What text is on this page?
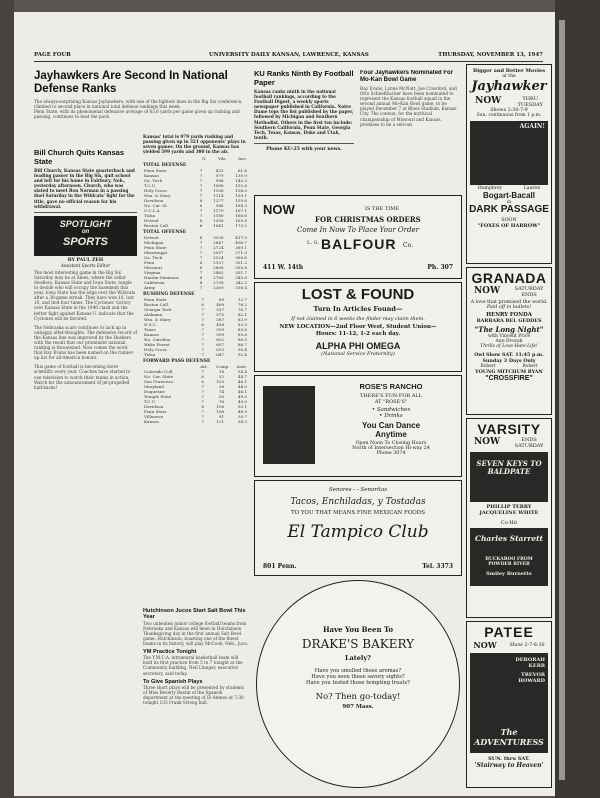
PAGE FOUR	UNIVERSITY DAILY KANSAN, LAWRENCE, KANSAS	THURSDAY, NOVEMBER 13, 1947
Jayhawkers Are Second In National Defense Ranks
The always-surprising Kansas Jayhawkers, with one of the lightest lines in the Big Six conference, climbed to second place in national total defense rankings this week.
Penn State, with its phenomenal defensive average of 63.6 yards per game given up rushing and passing, continues to lead the pack.
Bill Church Quits Kansas State
Bill Church, Kansas State quarterback and leading passer in the Big Six, quit school and left for his home in Fairbury, Neb., yesterday afternoon. Church, who was slated to meet Ron Norman in a passing duel Saturday in the Wildcats' fight for the title, gave no official reason for his withdrawal.
SPOTLIGHT
on
SPORTS
BY PAUL ZEH
Assistant Sports Editor
The most interesting game in the Big Six Saturday may be at Ames, where the cellar dwellers, Kansas State and Iowa State, tangle to decide who will occupy the basement this year. Iowa State has the edge over the Wildcats after a 30-game streak. They have won 16, lost 10, and tied four times. The Cyclones' victory over Kansas State in the 1946 clash and the better fight against Kansas U. indicate that the Cyclones will be favored.
The Nebraska scare continues to lack up in unhappy after-thoughts. The defensive record of the Kansas line was improved by the Huskers with the result that our prominent national ranking is threatened. Now comes the word that Ray Evans has been named on the runner-up list for all-America honors.
This game of football is becoming more scientific every year. Coaches have started to use television to watch their teams in action. Watch for the announcement of jet-propelled half-backs!
Kansas' total is 979 yards rushing and passing given up in 321 opponents' plays in seven games. On the ground, Kansas has yielded 599 yards and 380 in the air.
	G.	Yds.	Ave.
TOTAL DEFENSE
Penn State	7	431	61.6
Kansas	7	979	139.9
Ga. Tech	7	996	142.3
T.C.U.	7	1068	152.6
Holy Cross	7	1106	158.0
Wm. & Mary	7	1114	159.1
Davidson	8	1277	159.6
No. Car. St.	6	986	164.3
U.C.L.A.	7	1170	167.1
Tulsa	7	1180	168.6
Detroit	8	1358	169.8
Boston Coll.	6	1041	173.5
TOTAL OFFENSE
Detroit	8	3336	417.0
Michigan	7	2847	406.7
Penn State	7	2724	389.1
Mississippi	7	2597	371.0
Ga. Tech	7	2524	360.6
Penn	6	2107	351.2
Missouri	8	2806	350.8
Virginia	7	2462	351.7
Hardin-Simmons	8	2765	345.6
California	8	2738	342.3
Army	7	2369	338.4
RUSHING DEFENSE
Penn State	7	89	12.7
Boston Coll.	6	469	78.2
Georgia Tech	7	537	76.7
Alabama	7	575	82.1
Wm. & Mary	7	587	83.9
N.S.C.	6	498	83.0
Texas	7	599	85.6
Kansas	7	599	85.6
No. Carolina	7	602	86.0
Wake Forest	7	607	86.7
Holy Cross	7	633	90.4
Tulsa	7	647	92.4
FORWARD PASS DEFENSE
	Att.	Comp.	Aver.
Colorado Coll.	7	18	54.4
No. Car. State	6	52	44.7
San Francisco	6	103	46.1
Maryland	7	38	44.0
Duquesne	7	74	48.1
Temple State	7	50	49.0
T.C.U.	7	76	49.0
Davidson	8	106	50.1
Penn State	7	106	48.9
Villanova	7	91	50.7
Kansas	7	121	54.3
Hutchinson Jucos Start Salt Bowl This Year
Two unbeaten junior college football teams from Nebraska and Kansas will meet in Hutchinson Thanksgiving day in the first annual Salt Bowl game. Hutchinson, boasting one of the finest teams in its history, will play McCook, Neb., juco.
YM Practice Tonight
The Y.M.C.A. intramural basketball team will hold its first practice from 5 to 7 tonight at the Community building, Neil Lineger, executive secretary, said today.
To Give Spanish Plays
Three short plays will be presented by students of Miss Beverly Bastin of the Spanish department at the meeting of El Ateneo at 7:30 tonight 133 Frank Strong hall.
KU Ranks Ninth By Football Paper
Kansas ranks ninth in the national football rankings, according to the Football Digest, a weekly sports newspaper published in California. Notre Dame tops the list published by the paper, followed by Michigan and Southern Methodist. Others in the first ten include: Southern California, Penn State, Georgia Tech, Texas, Kansas, Duke and Utah, tenth.
Phone KU-25 with your news.
Four Jayhawkers Nominated For Mo-Kan Bowl Game
Ray Evans, Lynne McNutt, Joe Crawford, and Otto Schnellbacher have been nominated to represent the Kansas football squad in the second annual Mo-Kan Bowl game, to be played December 7 at Blues Stadium, Kansas City. The contest, for the mythical championship of Missouri and Kansas, promises to be a sell-out.
NOW	IS THE TIME
FOR CHRISTMAS ORDERS
Come In Now To Place Your Order
L. G. BALFOUR Co.
411 W. 14th	Ph. 307
LOST & FOUND
Turn In Articles Found—
If not claimed in 6 weeks the finder may claim them.
NEW LOCATION—2nd Floor West, Student Union—
Hours: 11-12, 1-2 each day.
ALPHA PHI OMEGA
(National Service Fraternity)
ROSE'S RANCHO
THERE'S FUN-FOR ALL
AT "ROSE'S"
• Sandwiches
• Drinks
You Can Dance
Anytime
Open Noon To Closing Hours
North of Intersection Hi-way 24
Phone 3074
Senores - - Senoritas
Tacos, Enchiladas, y Tostadas
TO YOU THAT MEANS FINE MEXICAN FOODS
El Tampico Club
801 Penn.	Tel. 3373
Have You Been To
DRAKE'S BAKERY
Lately?
Have you smelled those aromas?
Have you seen those savory sights?
Have you tested those tempting treats?
No? Then go-today!
907 Mass.
Bigger and Better Movies
at the
Jayhawker
NOW	THRU
TUESDAY
Shows 2:30-7-9
Sun. continuous from 1 p.m.
AGAIN!
Humphrey	Lauren
Bogart-Bacall
in
DARK PASSAGE
SOON
"FOXES OF HARROW"
GRANADA
NOW	SATURDAY ENDS
A love that promised the world.
Paid off in bullets!
HENRY FONDA
BARBARA BEL GEDDES
"The Long Night"
with Vincent Price
Ann Dvorak
Thrills of Love-Hate-Life!
Owl Show SAT. 11:45 p.m.
Sunday 3 Days Only
Robert	Robert
YOUNG MITCHUM RYAN
"CROSSFIRE"
VARSITY
NOW	ENDS SATURDAY
SEVEN KEYS TO BALDPATE
PHILLIP TERRY
JACQUELINE WHITE
Co-Hit
Charles Starrett
BUCKAROO FROM POWDER RIVER
Smiley Burnette
PATEE
NOW	Show 2-7-8:30
DEBORAH KERR
TREVOR HOWARD
The ADVENTURESS
SUN. thru SAT.
'Stairway to Heaven'
